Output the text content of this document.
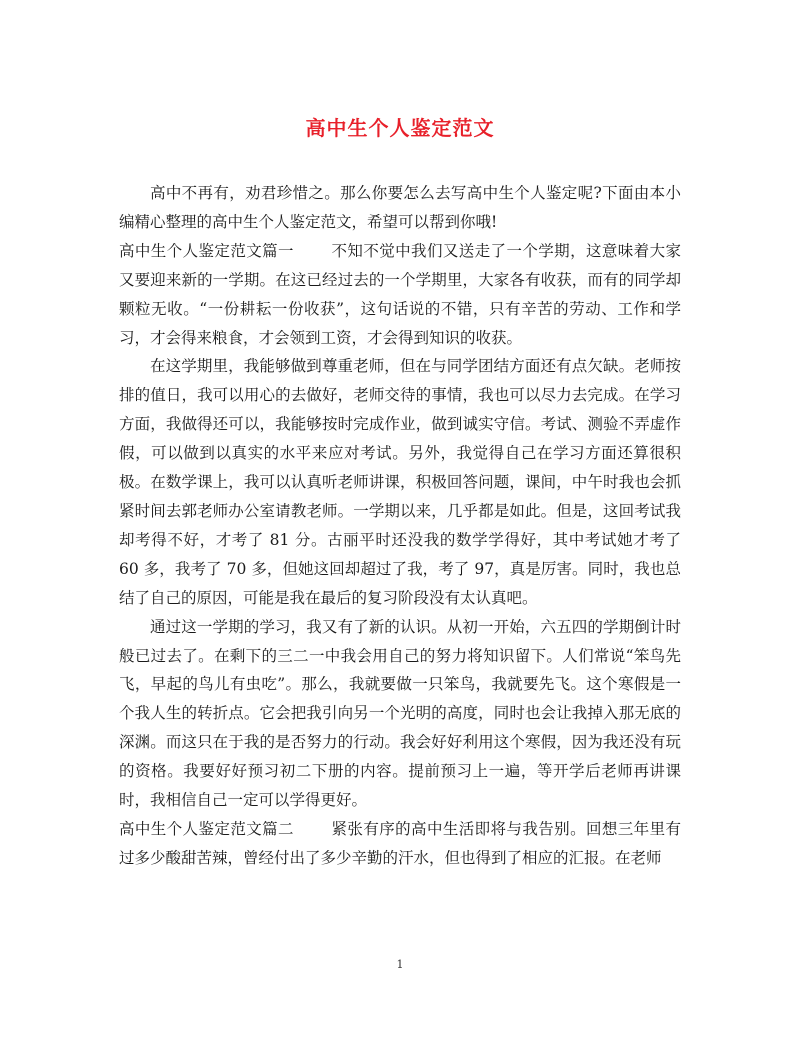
高中生个人鉴定范文

高中不再有，劝君珍惜之。那么你要怎么去写高中生个人鉴定呢?下面由本小编精心整理的高中生个人鉴定范文，希望可以帮到你哦!

高中生个人鉴定范文篇一 不知不觉中我们又送走了一个学期，这意味着大家又要迎来新的一学期。在这已经过去的一个学期里，大家各有收获，而有的同学却颗粒无收。“一份耕耘一份收获”，这句话说的不错，只有辛苦的劳动、工作和学习，才会得来粮食，才会领到工资，才会得到知识的收获。

在这学期里，我能够做到尊重老师，但在与同学团结方面还有点欠缺。老师按排的值日，我可以用心的去做好，老师交待的事情，我也可以尽力去完成。在学习方面，我做得还可以，我能够按时完成作业，做到诚实守信。考试、测验不弄虚作假，可以做到以真实的水平来应对考试。另外，我觉得自己在学习方面还算很积极。在数学课上，我可以认真听老师讲课，积极回答问题，课间，中午时我也会抓紧时间去郭老师办公室请教老师。一学期以来，几乎都是如此。但是，这回考试我却考得不好，才考了 81 分。古丽平时还没我的数学学得好，其中考试她才考了 60 多，我考了 70 多，但她这回却超过了我，考了 97，真是厉害。同时，我也总结了自己的原因，可能是我在最后的复习阶段没有太认真吧。

通过这一学期的学习，我又有了新的认识。从初一开始，六五四的学期倒计时般已过去了。在剩下的三二一中我会用自己的努力将知识留下。人们常说“笨鸟先飞，早起的鸟儿有虫吃”。那么，我就要做一只笨鸟，我就要先飞。这个寒假是一个我人生的转折点。它会把我引向另一个光明的高度，同时也会让我掉入那无底的深渊。而这只在于我的是否努力的行动。我会好好利用这个寒假，因为我还没有玩的资格。我要好好预习初二下册的内容。提前预习上一遍，等开学后老师再讲课时，我相信自己一定可以学得更好。

高中生个人鉴定范文篇二 紧张有序的高中生活即将与我告别。回想三年里有过多少酸甜苦辣，曾经付出了多少辛勤的汗水，但也得到了相应的汇报。在老师

1
